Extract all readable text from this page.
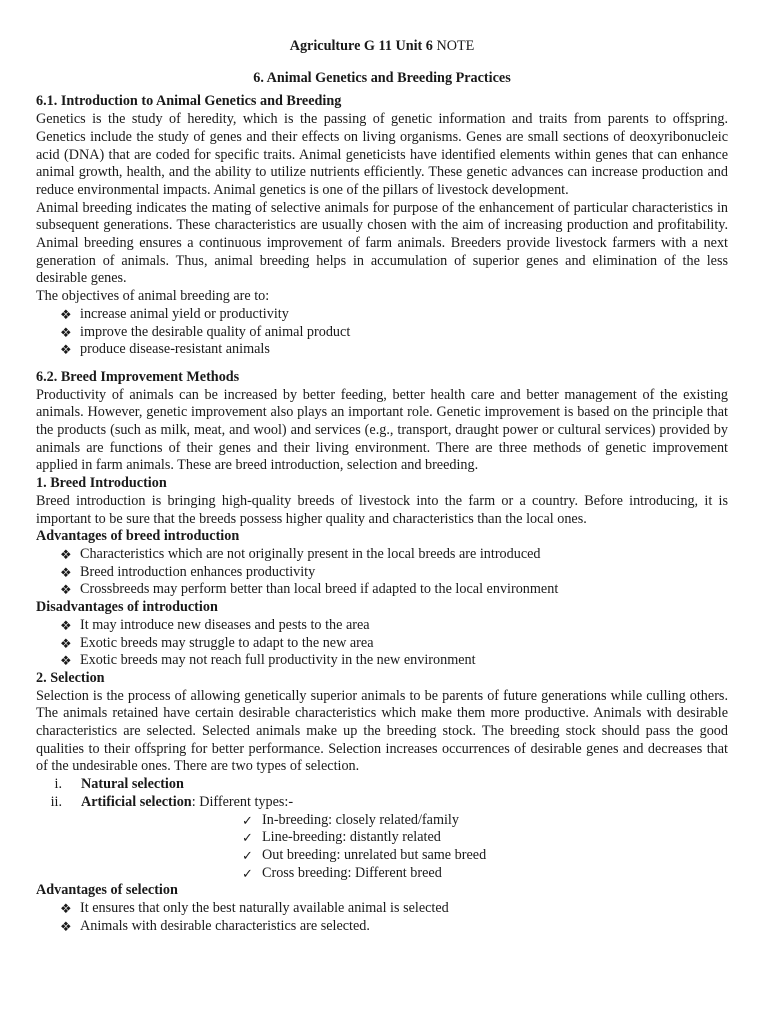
Agriculture G 11 Unit 6 NOTE
6. Animal Genetics and Breeding Practices
6.1. Introduction to Animal Genetics and Breeding

Genetics is the study of heredity, which is the passing of genetic information and traits from parents to offspring. Genetics include the study of genes and their effects on living organisms. Genes are small sections of deoxyribonucleic acid (DNA) that are coded for specific traits. Animal geneticists have identified elements within genes that can enhance animal growth, health, and the ability to utilize nutrients efficiently. These genetic advances can increase production and reduce environmental impacts. Animal genetics is one of the pillars of livestock development.

Animal breeding indicates the mating of selective animals for purpose of the enhancement of particular characteristics in subsequent generations. These characteristics are usually chosen with the aim of increasing production and profitability. Animal breeding ensures a continuous improvement of farm animals. Breeders provide livestock farmers with a next generation of animals. Thus, animal breeding helps in accumulation of superior genes and elimination of the less desirable genes.

The objectives of animal breeding are to:

❖ increase animal yield or productivity
❖ improve the desirable quality of animal product
❖ produce disease-resistant animals
6.2. Breed Improvement Methods

Productivity of animals can be increased by better feeding, better health care and better management of the existing animals. However, genetic improvement also plays an important role. Genetic improvement is based on the principle that the products (such as milk, meat, and wool) and services (e.g., transport, draught power or cultural services) provided by animals are functions of their genes and their living environment. There are three methods of genetic improvement applied in farm animals. These are breed introduction, selection and breeding.

1. Breed Introduction

Breed introduction is bringing high-quality breeds of livestock into the farm or a country. Before introducing, it is important to be sure that the breeds possess higher quality and characteristics than the local ones.

Advantages of breed introduction
❖ Characteristics which are not originally present in the local breeds are introduced
❖ Breed introduction enhances productivity
❖ Crossbreeds may perform better than local breed if adapted to the local environment
Disadvantages of introduction
❖ It may introduce new diseases and pests to the area
❖ Exotic breeds may struggle to adapt to the new area
❖ Exotic breeds may not reach full productivity in the new environment
2. Selection

Selection is the process of allowing genetically superior animals to be parents of future generations while culling others. The animals retained have certain desirable characteristics which make them more productive. Animals with desirable characteristics are selected. Selected animals make up the breeding stock. The breeding stock should pass the good qualities to their offspring for better performance. Selection increases occurrences of desirable genes and decreases that of the undesirable ones. There are two types of selection.

i. Natural selection
ii. Artificial selection: Different types:-
✓ In-breeding: closely related/family
✓ Line-breeding: distantly related
✓ Out breeding: unrelated but same breed
✓ Cross breeding: Different breed
Advantages of selection
❖ It ensures that only the best naturally available animal is selected
❖ Animals with desirable characteristics are selected.
